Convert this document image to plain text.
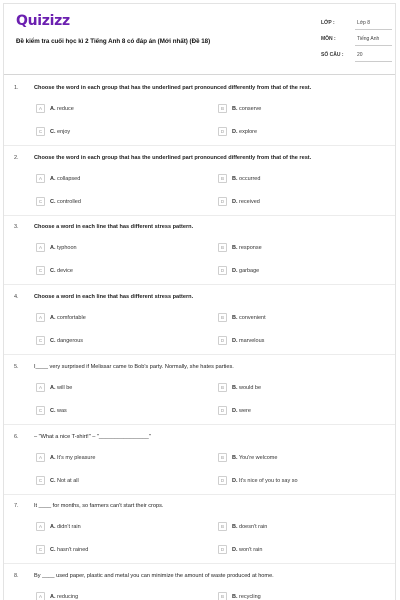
Quizizz
Đề kiểm tra cuối học kì 2 Tiếng Anh 8 có đáp án (Mới nhất) (Đề 18)
LỚP :	Lớp 8
MÔN :	Tiếng Anh
SỐ CÂU :	20
1.	Choose the word in each group that has the underlined part pronounced differently from that of the rest.
A	A. reduce	B	B. conserve
C	C. enjoy	D	D. explore
2.	Choose the word in each group that has the underlined part pronounced differently from that of the rest.
A	A. collapsed	B	B. occurred
C	C. controlled	D	D. received
3.	Choose a word in each line that has different stress pattern.
A	A. typhoon	B	B. response
C	C. device	D	D. garbage
4.	Choose a word in each line that has different stress pattern.
A	A. comfortable	B	B. convenient
C	C. dangerous	D	D. marvelous
5.	I____ very surprised if Melissar came to Bob's party. Normally, she hates parties.
A	A. will be	B	B. would be
C	C. was	D	D. were
6.	– "What a nice T-shirt!" – "________________"
A	A. It's my pleasure	B	B. You're welcome
C	C. Not at all	D	D. It's nice of you to say so
7.	It ____ for months, so farmers can't start their crops.
A	A. didn't rain	B	B. doesn't rain
C	C. hasn't rained	D	D. won't rain
8.	By ____ used paper, plastic and metal you can minimize the amount of waste produced at home.
A	A. reducing	B	B. recycling
